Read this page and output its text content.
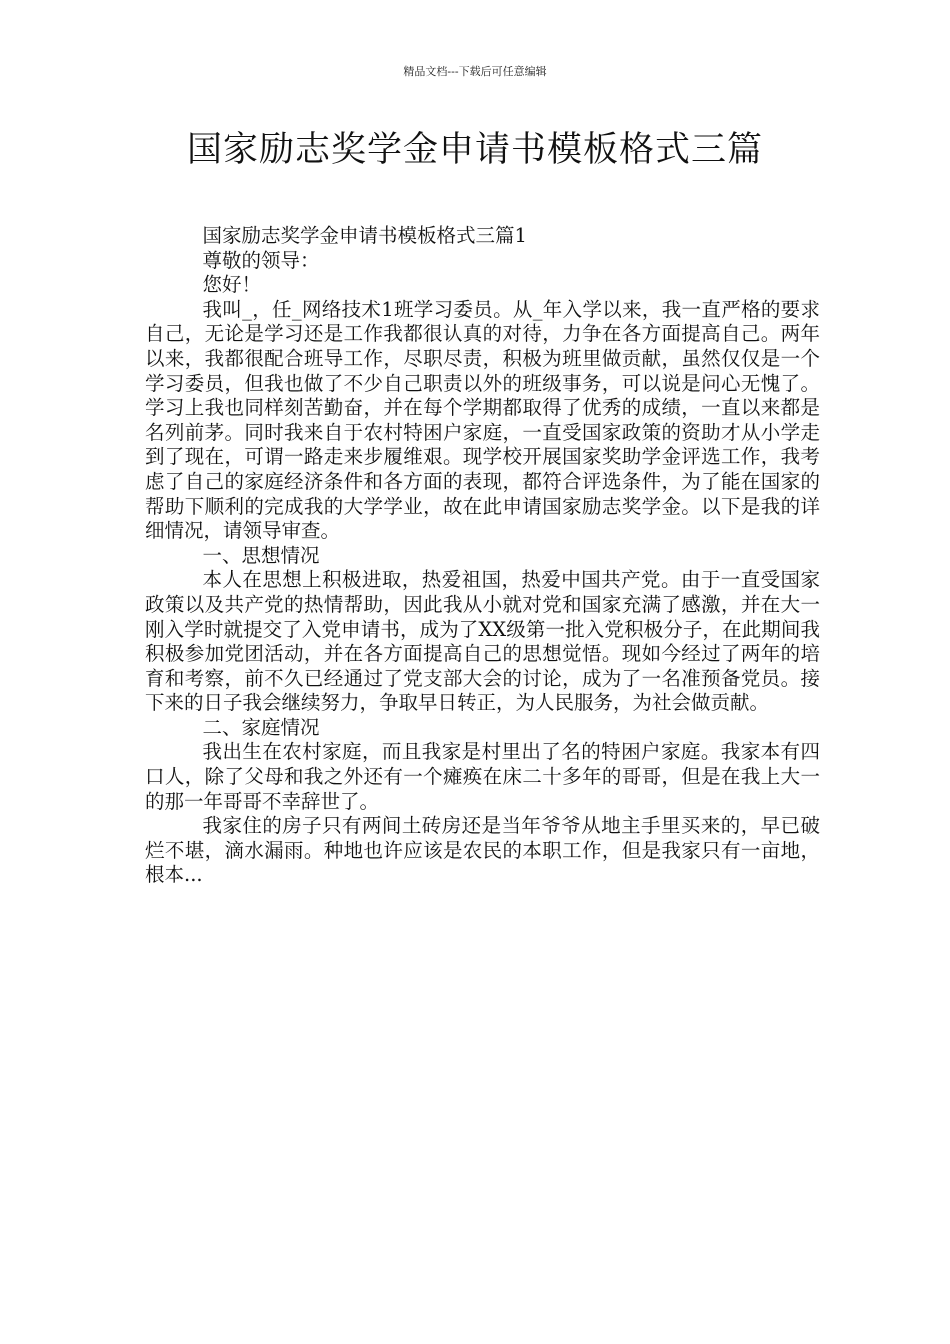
精品文档---下载后可任意编辑
国家励志奖学金申请书模板格式三篇

国家励志奖学金申请书模板格式三篇1

尊敬的领导：

您好！

我叫_，任_网络技术1班学习委员。从_年入学以来，我一直严格的要求自己，无论是学习还是工作我都很认真的对待，力争在各方面提高自己。两年以来，我都很配合班导工作，尽职尽责，积极为班里做贡献，虽然仅仅是一个学习委员，但我也做了不少自己职责以外的班级事务，可以说是问心无愧了。学习上我也同样刻苦勤奋，并在每个学期都取得了优秀的成绩，一直以来都是名列前茅。同时我来自于农村特困户家庭，一直受国家政策的资助才从小学走到了现在，可谓一路走来步履维艰。现学校开展国家奖助学金评选工作，我考虑了自己的家庭经济条件和各方面的表现，都符合评选条件，为了能在国家的帮助下顺利的完成我的大学学业，故在此申请国家励志奖学金。以下是我的详细情况，请领导审查。

一、思想情况

本人在思想上积极进取，热爱祖国，热爱中国共产党。由于一直受国家政策以及共产党的热情帮助，因此我从小就对党和国家充满了感激，并在大一刚入学时就提交了入党申请书，成为了XX级第一批入党积极分子，在此期间我积极参加党团活动，并在各方面提高自己的思想觉悟。现如今经过了两年的培育和考察，前不久已经通过了党支部大会的讨论，成为了一名准预备党员。接下来的日子我会继续努力，争取早日转正，为人民服务，为社会做贡献。

二、家庭情况

我出生在农村家庭，而且我家是村里出了名的特困户家庭。我家本有四口人，除了父母和我之外还有一个瘫痪在床二十多年的哥哥，但是在我上大一的那一年哥哥不幸辞世了。

我家住的房子只有两间土砖房还是当年爷爷从地主手里买来的，早已破烂不堪，滴水漏雨。种地也许应该是农民的本职工作，但是我家只有一亩地，根本...
